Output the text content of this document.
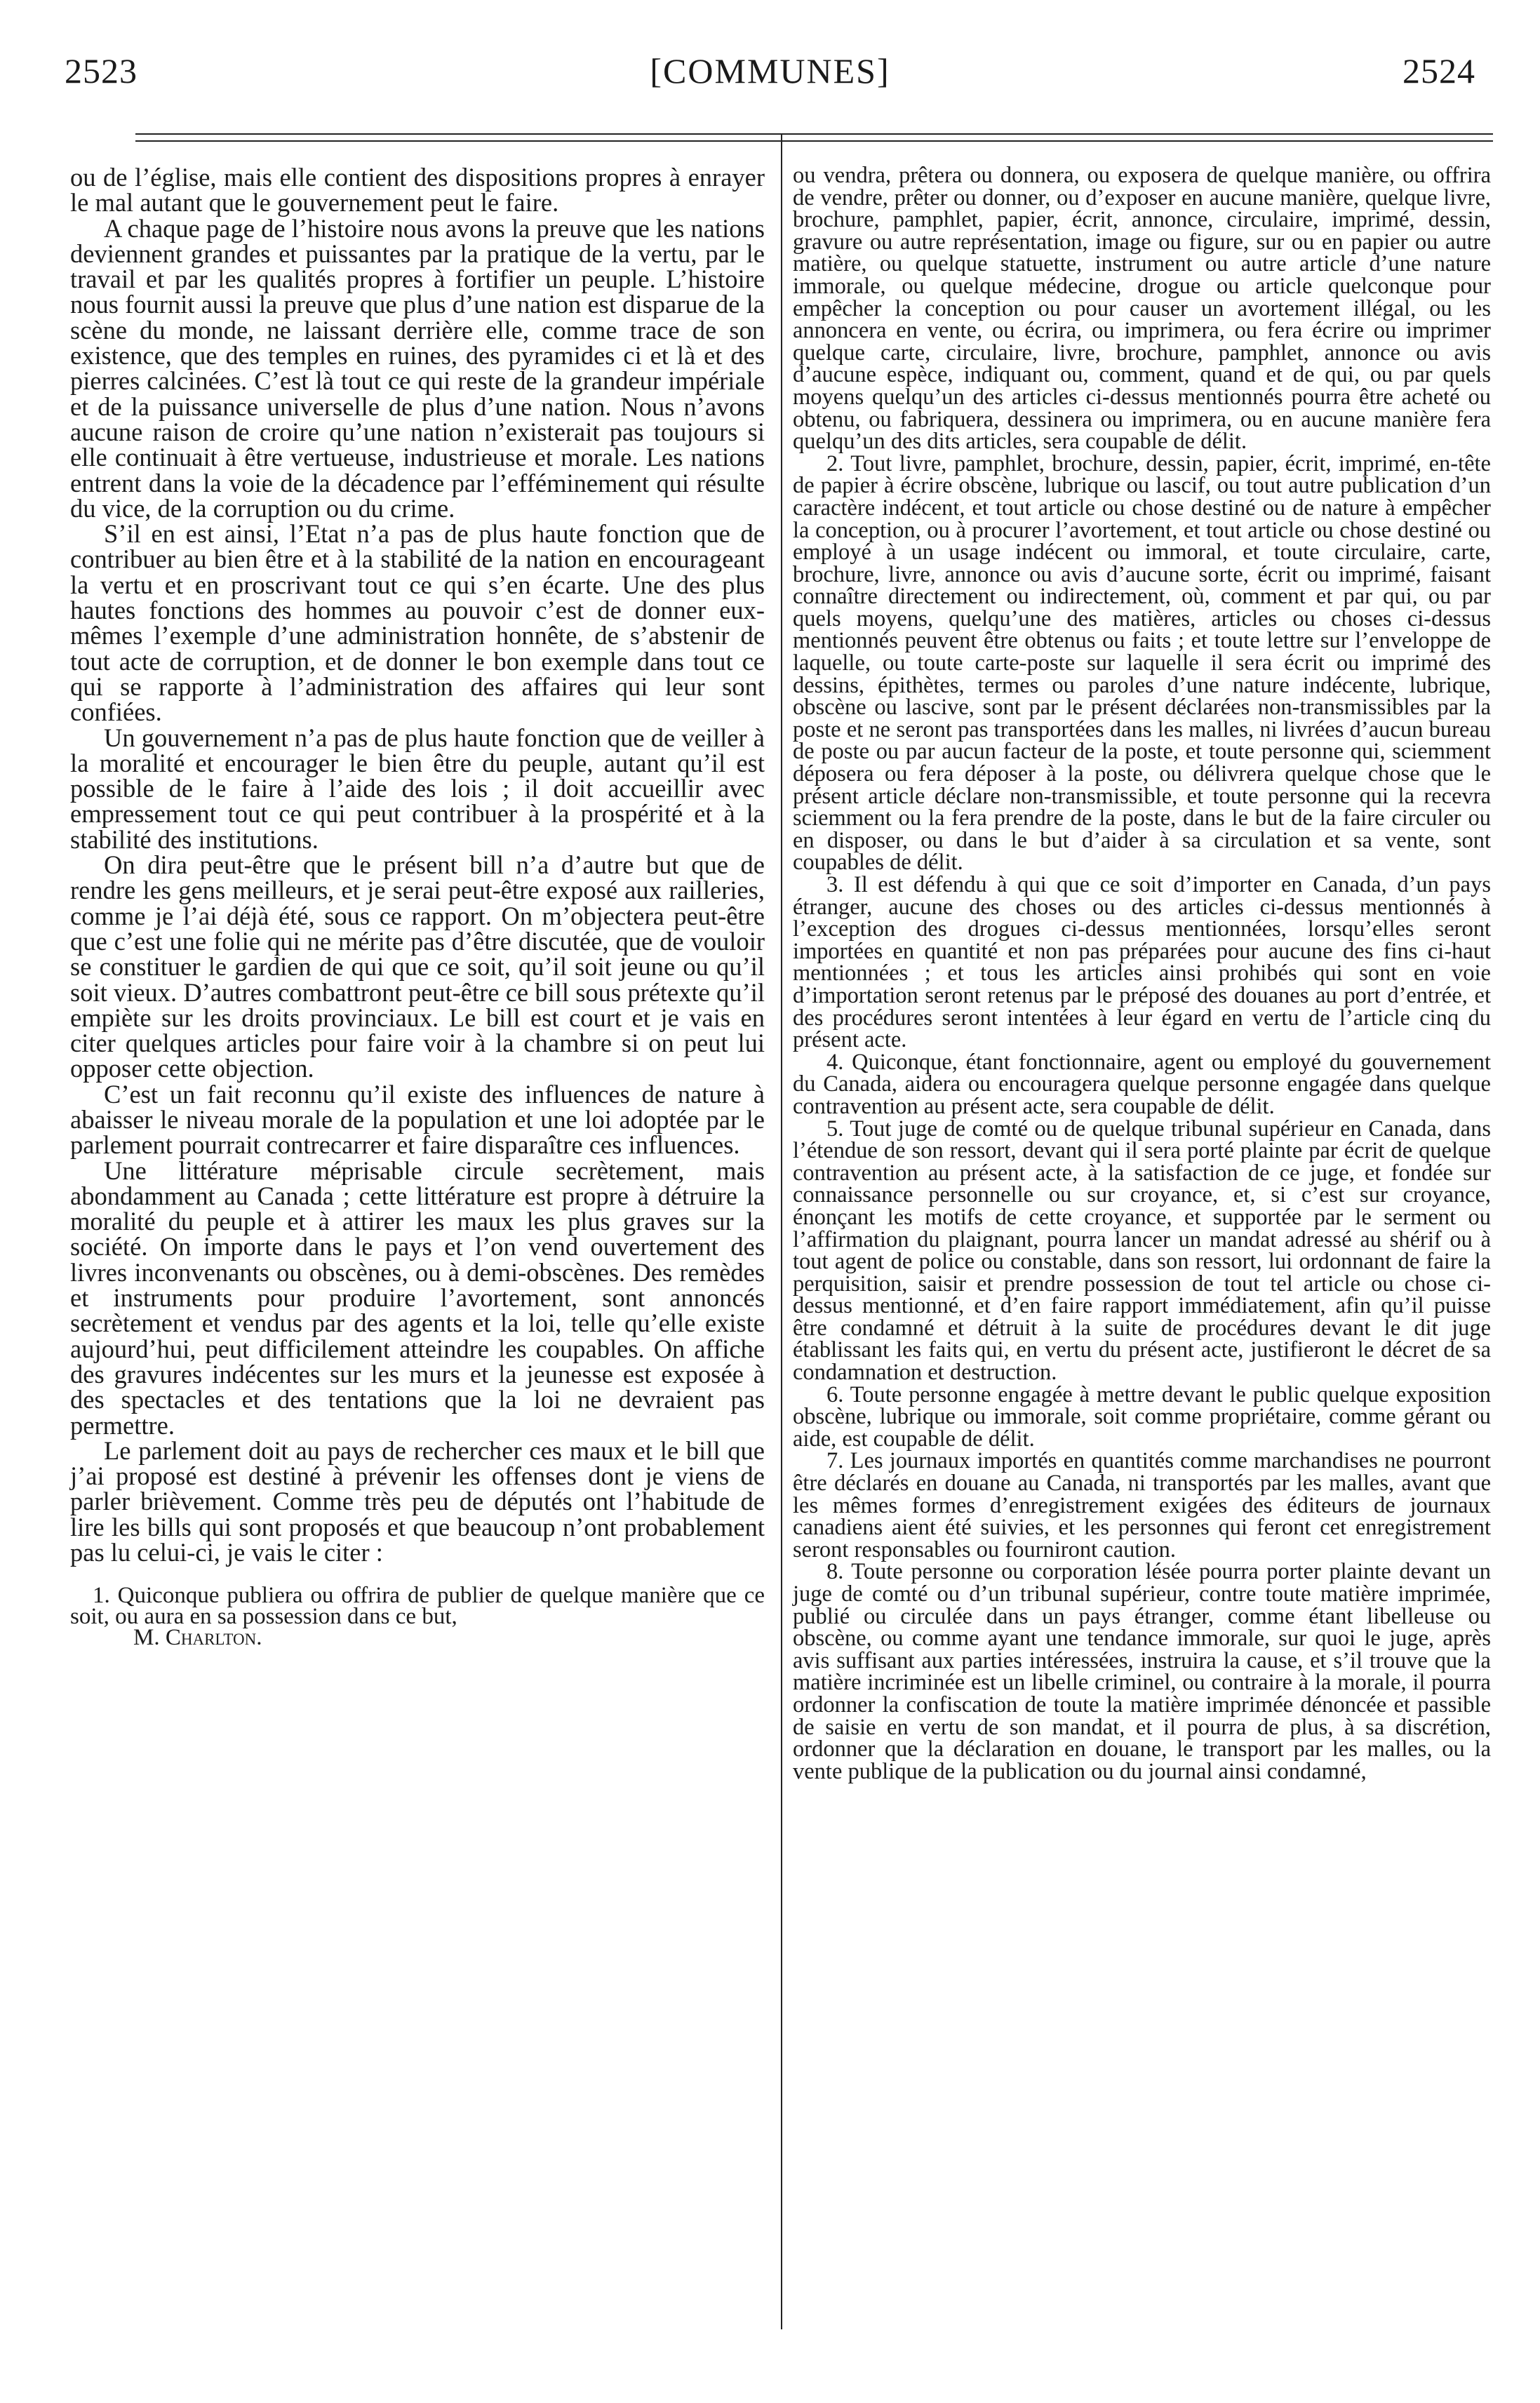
2523	[COMMUNES]	2524

ou de l’église, mais elle contient des dispositions propres à enrayer le mal autant que le gouvernement peut le faire.

A chaque page de l’histoire nous avons la preuve que les nations deviennent grandes et puissantes par la pratique de la vertu, par le travail et par les qualités propres à fortifier un peuple. L’histoire nous fournit aussi la preuve que plus d’une nation est disparue de la scène du monde, ne laissant derrière elle, comme trace de son existence, que des temples en ruines, des pyramides ci et là et des pierres calcinées. C’est là tout ce qui reste de la grandeur impériale et de la puissance universelle de plus d’une nation. Nous n’avons aucune raison de croire qu’une nation n’existerait pas toujours si elle continuait à être vertueuse, industrieuse et morale. Les nations entrent dans la voie de la décadence par l’efféminement qui résulte du vice, de la corruption ou du crime.

S’il en est ainsi, l’Etat n’a pas de plus haute fonction que de contribuer au bien être et à la stabilité de la nation en encourageant la vertu et en proscrivant tout ce qui s’en écarte. Une des plus hautes fonctions des hommes au pouvoir c’est de donner eux-mêmes l’exemple d’une administration honnête, de s’abstenir de tout acte de corruption, et de donner le bon exemple dans tout ce qui se rapporte à l’administration des affaires qui leur sont confiées.

Un gouvernement n’a pas de plus haute fonction que de veiller à la moralité et encourager le bien être du peuple, autant qu’il est possible de le faire à l’aide des lois ; il doit accueillir avec empressement tout ce qui peut contribuer à la prospérité et à la stabilité des institutions.

On dira peut-être que le présent bill n’a d’autre but que de rendre les gens meilleurs, et je serai peut-être exposé aux railleries, comme je l’ai déjà été, sous ce rapport. On m’objectera peut-être que c’est une folie qui ne mérite pas d’être discutée, que de vouloir se constituer le gardien de qui que ce soit, qu’il soit jeune ou qu’il soit vieux. D’autres combattront peut-être ce bill sous prétexte qu’il empiète sur les droits provinciaux. Le bill est court et je vais en citer quelques articles pour faire voir à la chambre si on peut lui opposer cette objection.

C’est un fait reconnu qu’il existe des influences de nature à abaisser le niveau morale de la population et une loi adoptée par le parlement pourrait contrecarrer et faire disparaître ces influences.

Une littérature méprisable circule secrètement, mais abondamment au Canada ; cette littérature est propre à détruire la moralité du peuple et à attirer les maux les plus graves sur la société. On importe dans le pays et l’on vend ouvertement des livres inconvenants ou obscènes, ou à demi-obscènes. Des remèdes et instruments pour produire l’avortement, sont annoncés secrètement et vendus par des agents et la loi, telle qu’elle existe aujourd’hui, peut difficilement atteindre les coupables. On affiche des gravures indécentes sur les murs et la jeunesse est exposée à des spectacles et des tentations que la loi ne devraient pas permettre.

Le parlement doit au pays de rechercher ces maux et le bill que j’ai proposé est destiné à prévenir les offenses dont je viens de parler brièvement. Comme très peu de députés ont l’habitude de lire les bills qui sont proposés et que beaucoup n’ont probablement pas lu celui-ci, je vais le citer :

1. Quiconque publiera ou offrira de publier de quelque manière que ce soit, ou aura en sa possession dans ce but,

M. Charlton.

ou vendra, prêtera ou donnera, ou exposera de quelque manière, ou offrira de vendre, prêter ou donner, ou d’exposer en aucune manière, quelque livre, brochure, pamphlet, papier, écrit, annonce, circulaire, imprimé, dessin, gravure ou autre représentation, image ou figure, sur ou en papier ou autre matière, ou quelque statuette, instrument ou autre article d’une nature immorale, ou quelque médecine, drogue ou article quelconque pour empêcher la conception ou pour causer un avortement illégal, ou les annoncera en vente, ou écrira, ou imprimera, ou fera écrire ou imprimer quelque carte, circulaire, livre, brochure, pamphlet, annonce ou avis d’aucune espèce, indiquant ou, comment, quand et de qui, ou par quels moyens quelqu’un des articles ci-dessus mentionnés pourra être acheté ou obtenu, ou fabriquera, dessinera ou imprimera, ou en aucune manière fera quelqu’un des dits articles, sera coupable de délit.

2. Tout livre, pamphlet, brochure, dessin, papier, écrit, imprimé, en-tête de papier à écrire obscène, lubrique ou lascif, ou tout autre publication d’un caractère indécent, et tout article ou chose destiné ou de nature à empêcher la conception, ou à procurer l’avortement, et tout article ou chose destiné ou employé à un usage indécent ou immoral, et toute circulaire, carte, brochure, livre, annonce ou avis d’aucune sorte, écrit ou imprimé, faisant connaître directement ou indirectement, où, comment et par qui, ou par quels moyens, quelqu’une des matières, articles ou choses ci-dessus mentionnés peuvent être obtenus ou faits ; et toute lettre sur l’enveloppe de laquelle, ou toute carte-poste sur laquelle il sera écrit ou imprimé des dessins, épithètes, termes ou paroles d’une nature indécente, lubrique, obscène ou lascive, sont par le présent déclarées non-transmissibles par la poste et ne seront pas transportées dans les malles, ni livrées d’aucun bureau de poste ou par aucun facteur de la poste, et toute personne qui, sciemment déposera ou fera déposer à la poste, ou délivrera quelque chose que le présent article déclare non-transmissible, et toute personne qui la recevra sciemment ou la fera prendre de la poste, dans le but de la faire circuler ou en disposer, ou dans le but d’aider à sa circulation et sa vente, sont coupables de délit.

3. Il est défendu à qui que ce soit d’importer en Canada, d’un pays étranger, aucune des choses ou des articles ci-dessus mentionnés à l’exception des drogues ci-dessus mentionnées, lorsqu’elles seront importées en quantité et non pas préparées pour aucune des fins ci-haut mentionnées ; et tous les articles ainsi prohibés qui sont en voie d’importation seront retenus par le préposé des douanes au port d’entrée, et des procédures seront intentées à leur égard en vertu de l’article cinq du présent acte.

4. Quiconque, étant fonctionnaire, agent ou employé du gouvernement du Canada, aidera ou encouragera quelque personne engagée dans quelque contravention au présent acte, sera coupable de délit.

5. Tout juge de comté ou de quelque tribunal supérieur en Canada, dans l’étendue de son ressort, devant qui il sera porté plainte par écrit de quelque contravention au présent acte, à la satisfaction de ce juge, et fondée sur connaissance personnelle ou sur croyance, et, si c’est sur croyance, énonçant les motifs de cette croyance, et supportée par le serment ou l’affirmation du plaignant, pourra lancer un mandat adressé au shérif ou à tout agent de police ou constable, dans son ressort, lui ordonnant de faire la perquisition, saisir et prendre possession de tout tel article ou chose ci-dessus mentionné, et d’en faire rapport immédiatement, afin qu’il puisse être condamné et détruit à la suite de procédures devant le dit juge établissant les faits qui, en vertu du présent acte, justifieront le décret de sa condamnation et destruction.

6. Toute personne engagée à mettre devant le public quelque exposition obscène, lubrique ou immorale, soit comme propriétaire, comme gérant ou aide, est coupable de délit.

7. Les journaux importés en quantités comme marchandises ne pourront être déclarés en douane au Canada, ni transportés par les malles, avant que les mêmes formes d’enregistrement exigées des éditeurs de journaux canadiens aient été suivies, et les personnes qui feront cet enregistrement seront responsables ou fourniront caution.

8. Toute personne ou corporation lésée pourra porter plainte devant un juge de comté ou d’un tribunal supérieur, contre toute matière imprimée, publié ou circulée dans un pays étranger, comme étant libelleuse ou obscène, ou comme ayant une tendance immorale, sur quoi le juge, après avis suffisant aux parties intéressées, instruira la cause, et s’il trouve que la matière incriminée est un libelle criminel, ou contraire à la morale, il pourra ordonner la confiscation de toute la matière imprimée dénoncée et passible de saisie en vertu de son mandat, et il pourra de plus, à sa discrétion, ordonner que la déclaration en douane, le transport par les malles, ou la vente publique de la publication ou du journal ainsi condamné,
